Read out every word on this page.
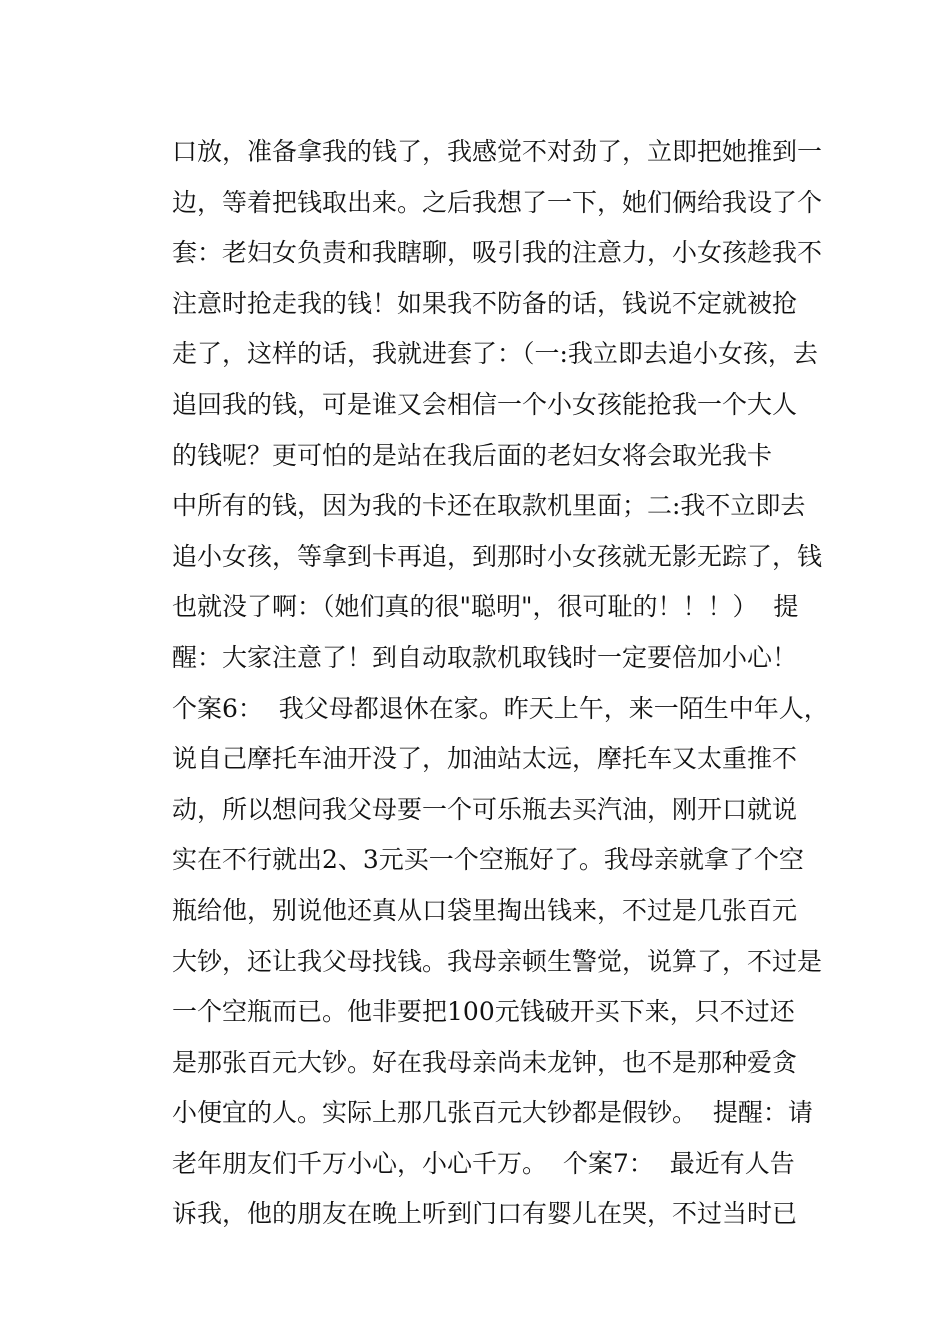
口放，准备拿我的钱了，我感觉不对劲了，立即把她推到一
边，等着把钱取出来。之后我想了一下，她们俩给我设了个
套：老妇女负责和我瞎聊，吸引我的注意力，小女孩趁我不
注意时抢走我的钱！如果我不防备的话，钱说不定就被抢
走了，这样的话，我就进套了：（一:我立即去追小女孩，去
追回我的钱，可是谁又会相信一个小女孩能抢我一个大人
的钱呢？更可怕的是站在我后面的老妇女将会取光我卡
中所有的钱，因为我的卡还在取款机里面；二:我不立即去
追小女孩，等拿到卡再追，到那时小女孩就无影无踪了，钱
也就没了啊：（她们真的很"聪明"，很可耻的！！！）  提
醒：大家注意了！到自动取款机取钱时一定要倍加小心！
个案6：  我父母都退休在家。昨天上午，来一陌生中年人，
说自己摩托车油开没了，加油站太远，摩托车又太重推不
动，所以想问我父母要一个可乐瓶去买汽油，刚开口就说
实在不行就出2、3元买一个空瓶好了。我母亲就拿了个空
瓶给他，别说他还真从口袋里掏出钱来，不过是几张百元
大钞，还让我父母找钱。我母亲顿生警觉，说算了，不过是
一个空瓶而已。他非要把100元钱破开买下来，只不过还
是那张百元大钞。好在我母亲尚未龙钟，也不是那种爱贪
小便宜的人。实际上那几张百元大钞都是假钞。  提醒：请
老年朋友们千万小心，小心千万。  个案7：  最近有人告
诉我，他的朋友在晚上听到门口有婴儿在哭，不过当时已
